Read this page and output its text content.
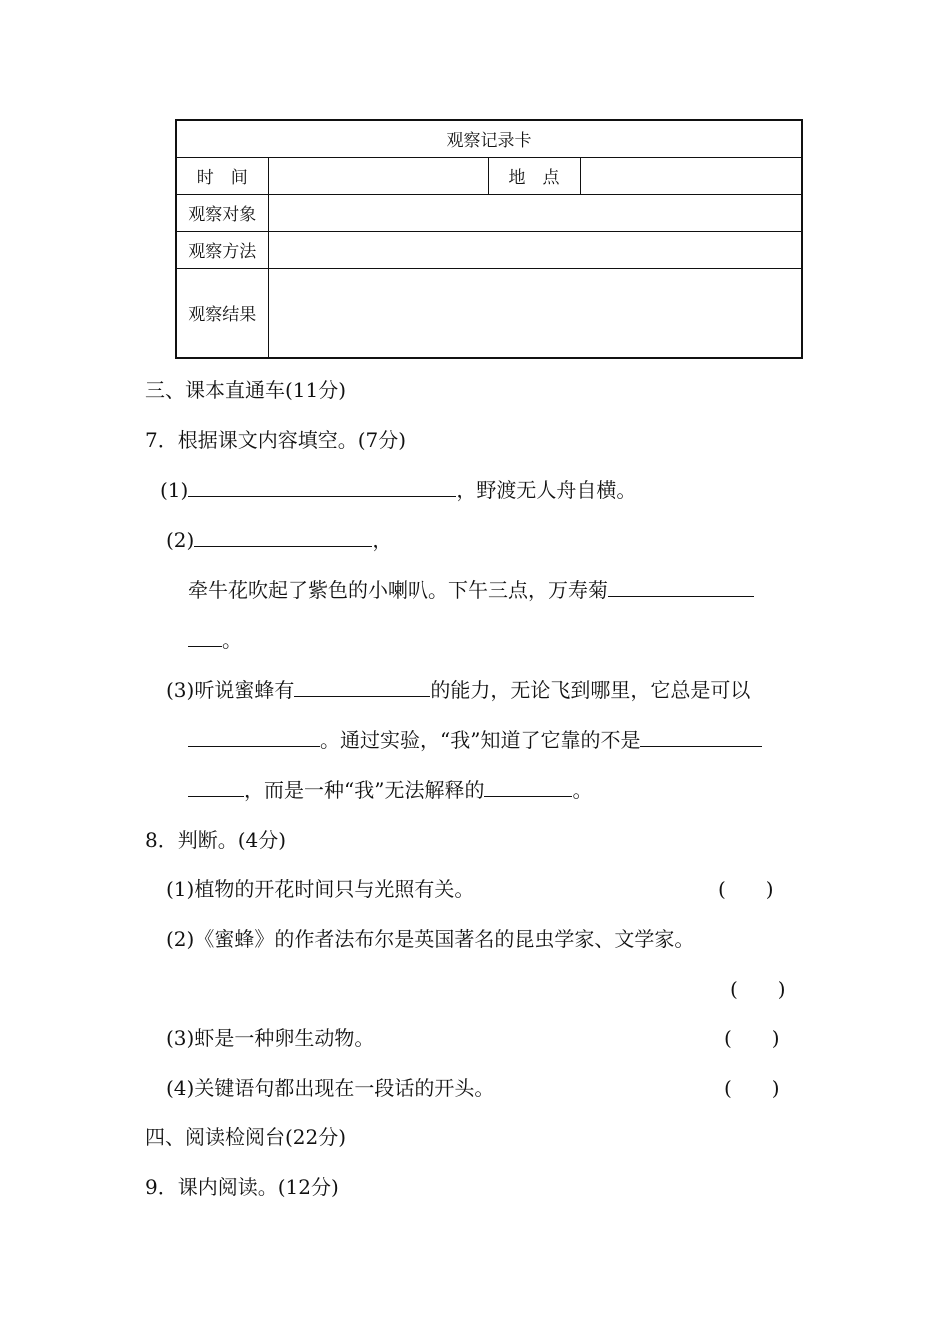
观察记录卡			
时　间		地　点	
观察对象			
观察方法			
观察结果			
三、课本直通车(11分)
7．根据课文内容填空。(7分)
(1)	，野渡无人舟自横。
(2)	，
牵牛花吹起了紫色的小喇叭。下午三点，万寿菊
。
(3)听说蜜蜂有	的能力，无论飞到哪里，它总是可以
。通过实验，“我”知道了它靠的不是
，而是一种“我”无法解释的	。
8．判断。(4分)
(1)植物的开花时间只与光照有关。	(　　)
(2)《蜜蜂》的作者法布尔是英国著名的昆虫学家、文学家。
(　　)
(3)虾是一种卵生动物。	(　　)
(4)关键语句都出现在一段话的开头。	(　　)
四、阅读检阅台(22分)
9．课内阅读。(12分)
